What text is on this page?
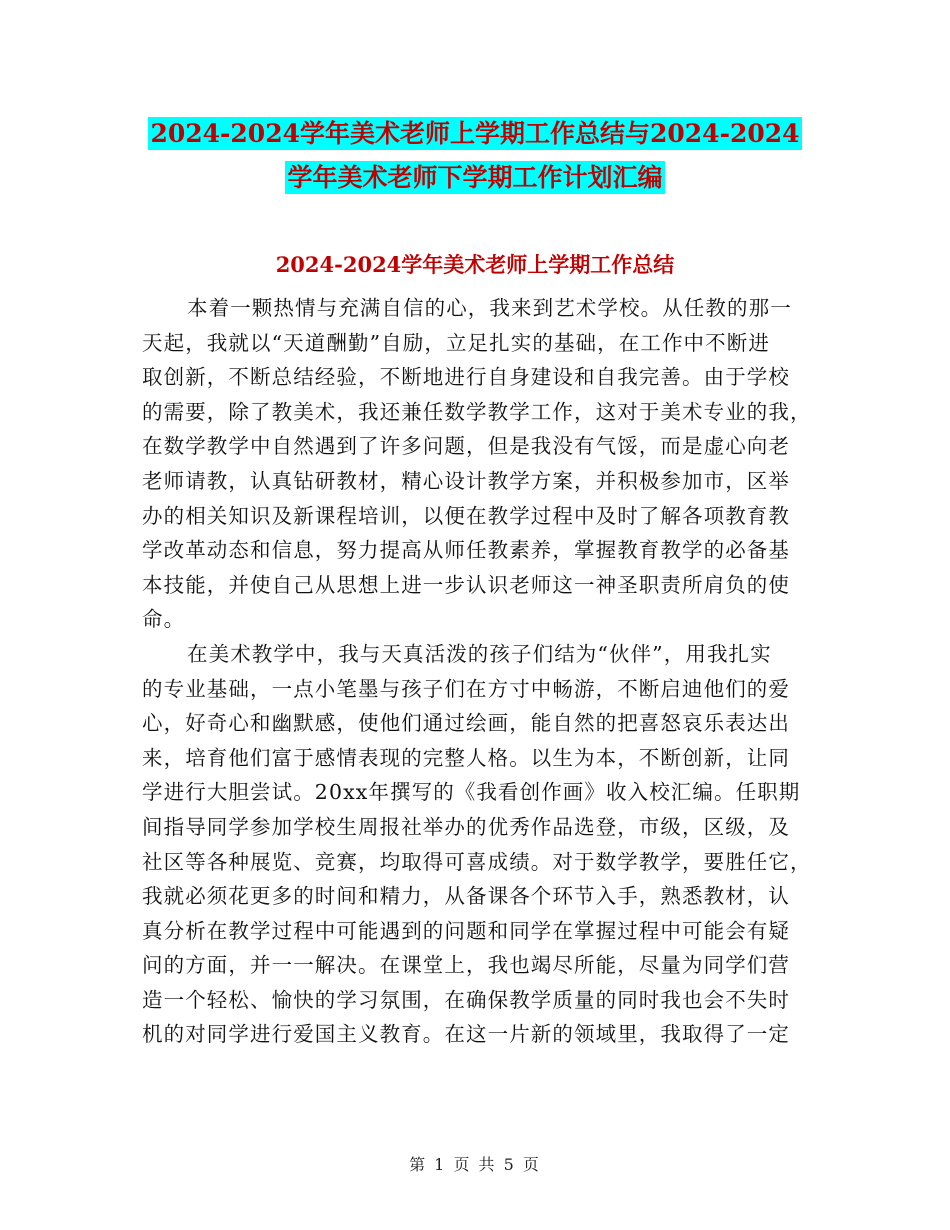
2024-2024学年美术老师上学期工作总结与2024-2024
学年美术老师下学期工作计划汇编
2024-2024学年美术老师上学期工作总结
本着一颗热情与充满自信的心，我来到艺术学校。从任教的那一
天起，我就以“天道酬勤”自励，立足扎实的基础，在工作中不断进
取创新，不断总结经验，不断地进行自身建设和自我完善。由于学校
的需要，除了教美术，我还兼任数学教学工作，这对于美术专业的我，
在数学教学中自然遇到了许多问题，但是我没有气馁，而是虚心向老
老师请教，认真钻研教材，精心设计教学方案，并积极参加市，区举
办的相关知识及新课程培训，以便在教学过程中及时了解各项教育教
学改革动态和信息，努力提高从师任教素养，掌握教育教学的必备基
本技能，并使自己从思想上进一步认识老师这一神圣职责所肩负的使
命。
在美术教学中，我与天真活泼的孩子们结为“伙伴”，用我扎实
的专业基础，一点小笔墨与孩子们在方寸中畅游，不断启迪他们的爱
心，好奇心和幽默感，使他们通过绘画，能自然的把喜怒哀乐表达出
来，培育他们富于感情表现的完整人格。以生为本，不断创新，让同
学进行大胆尝试。20xx年撰写的《我看创作画》收入校汇编。任职期
间指导同学参加学校生周报社举办的优秀作品选登，市级，区级，及
社区等各种展览、竞赛，均取得可喜成绩。对于数学教学，要胜任它，
我就必须花更多的时间和精力，从备课各个环节入手，熟悉教材，认
真分析在教学过程中可能遇到的问题和同学在掌握过程中可能会有疑
问的方面，并一一解决。在课堂上，我也竭尽所能，尽量为同学们营
造一个轻松、愉快的学习氛围，在确保教学质量的同时我也会不失时
机的对同学进行爱国主义教育。在这一片新的领域里，我取得了一定
第 1 页 共 5 页
